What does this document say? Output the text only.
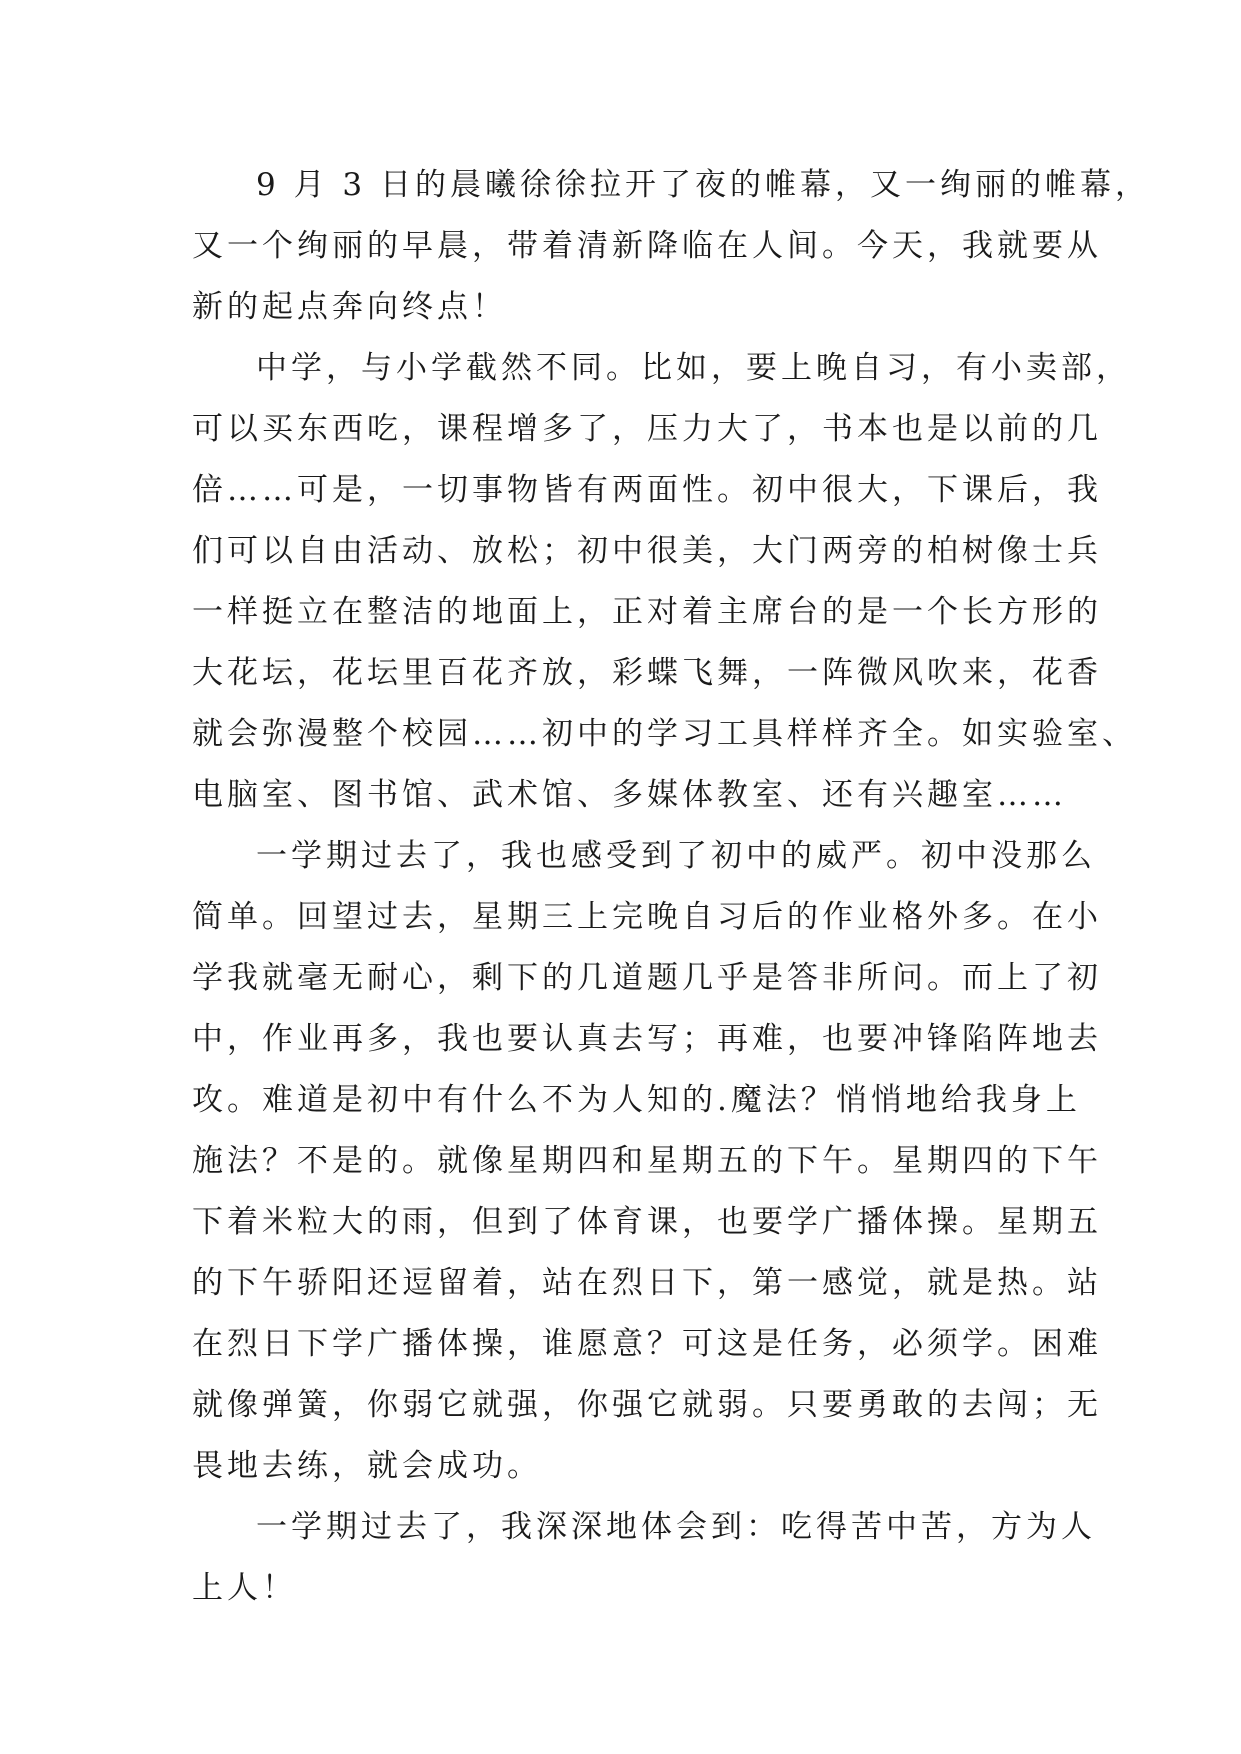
9 月 3 日的晨曦徐徐拉开了夜的帷幕，又一绚丽的帷幕，
又一个绚丽的早晨，带着清新降临在人间。今天，我就要从
新的起点奔向终点！
中学，与小学截然不同。比如，要上晚自习，有小卖部，
可以买东西吃，课程增多了，压力大了，书本也是以前的几
倍……可是，一切事物皆有两面性。初中很大，下课后，我
们可以自由活动、放松；初中很美，大门两旁的柏树像士兵
一样挺立在整洁的地面上，正对着主席台的是一个长方形的
大花坛，花坛里百花齐放，彩蝶飞舞，一阵微风吹来，花香
就会弥漫整个校园……初中的学习工具样样齐全。如实验室、
电脑室、图书馆、武术馆、多媒体教室、还有兴趣室……
一学期过去了，我也感受到了初中的威严。初中没那么
简单。回望过去，星期三上完晚自习后的作业格外多。在小
学我就毫无耐心，剩下的几道题几乎是答非所问。而上了初
中，作业再多，我也要认真去写；再难，也要冲锋陷阵地去
攻。难道是初中有什么不为人知的.魔法？悄悄地给我身上
施法？不是的。就像星期四和星期五的下午。星期四的下午
下着米粒大的雨，但到了体育课，也要学广播体操。星期五
的下午骄阳还逗留着，站在烈日下，第一感觉，就是热。站
在烈日下学广播体操，谁愿意？可这是任务，必须学。困难
就像弹簧，你弱它就强，你强它就弱。只要勇敢的去闯；无
畏地去练，就会成功。
一学期过去了，我深深地体会到：吃得苦中苦，方为人
上人！
